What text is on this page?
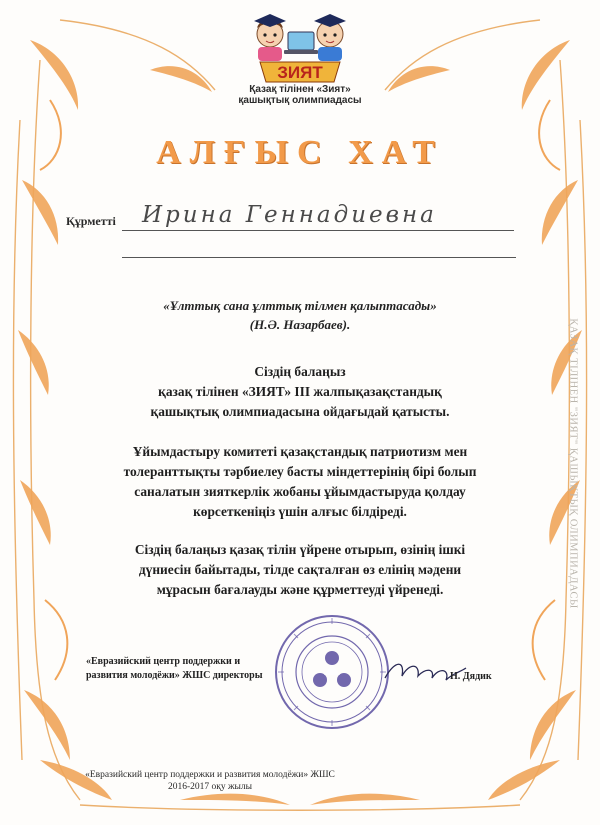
ЗИЯТ
Қазақ тілінен «Зият»
қашықтық олимпиадасы
АЛҒЫС ХАТ
Құрметті Ирина Геннадиевна
«Ұлттық сана ұлттық тілмен қалыптасады»
(Н.Ә. Назарбаев).
Сіздің балаңыз
қазақ тілінен «ЗИЯТ» ІІІ жалпықазақстандық
қашықтық олимпиадасына ойдағыдай қатысты.
Ұйымдастыру комитеті қазақстандық патриотизм мен
толеранттықты тәрбиелеу басты міндеттерінің бірі болып
саналатын зияткерлік жобаны ұйымдастыруда қолдау
көрсеткеніңіз үшін алғыс білдіреді.
Сіздің балаңыз қазақ тілін үйрене отырып, өзінің ішкі
дүниесін байытады, тілде сақталған өз елінің мәдени
мұрасын бағалауды және құрметтеуді үйренеді.
«Евразийский центр поддержки и
развития молодёжи» ЖШС директоры	Н. Дядик
«Евразийский центр поддержки и развития молодёжи» ЖШС
2016-2017 оқу жылы
ҚАЗАҚ ТІЛІНЕН "ЗИЯТ" ҚАШЫҚТЫҚ ОЛИМПИАДАСЫ
